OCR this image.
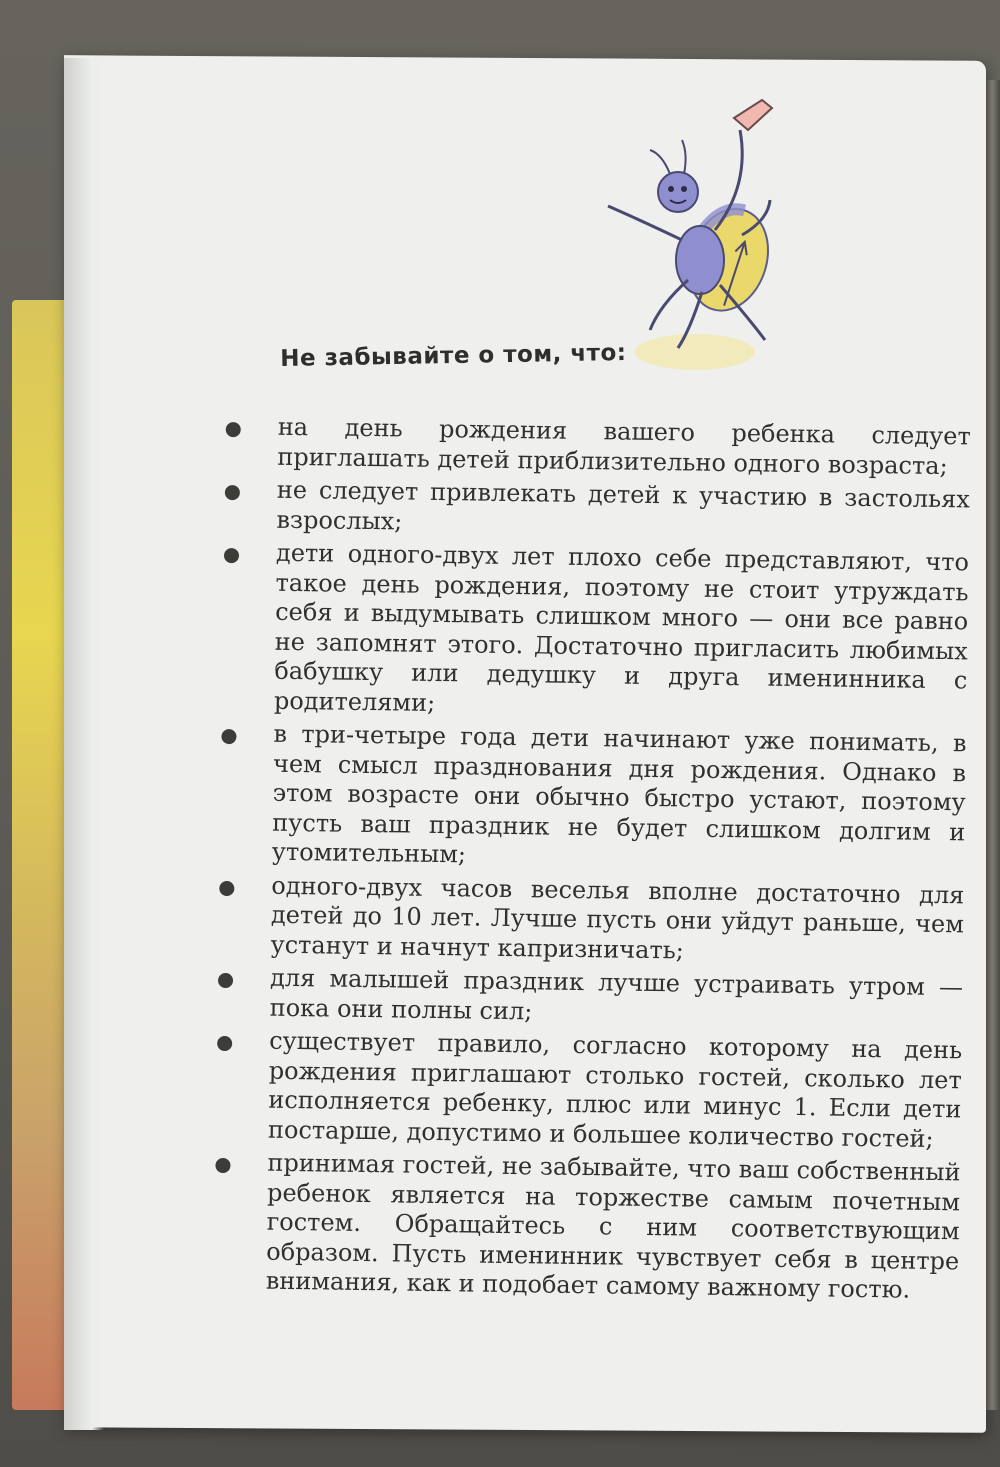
Не забывайте о том, что:
на день рождения вашего ребенка следует приглашать детей приблизительно одного возраста;
не следует привлекать детей к участию в застольях взрослых;
дети одного-двух лет плохо себе представляют, что такое день рождения, поэтому не стоит утруждать себя и выдумывать слишком много — они все равно не запомнят этого. Достаточно пригласить любимых бабушку или дедушку и друга именинника с родителями;
в три-четыре года дети начинают уже понимать, в чем смысл празднования дня рождения. Однако в этом возрасте они обычно быстро устают, поэтому пусть ваш праздник не будет слишком долгим и утомительным;
одного-двух часов веселья вполне достаточно для детей до 10 лет. Лучше пусть они уйдут раньше, чем устанут и начнут капризничать;
для малышей праздник лучше устраивать утром — пока они полны сил;
существует правило, согласно которому на день рождения приглашают столько гостей, сколько лет исполняется ребенку, плюс или минус 1. Если дети постарше, допустимо и большее количество гостей;
принимая гостей, не забывайте, что ваш собственный ребенок является на торжестве самым почетным гостем. Обращайтесь с ним соответствующим образом. Пусть именинник чувствует себя в центре внимания, как и подобает самому важному гостю.
